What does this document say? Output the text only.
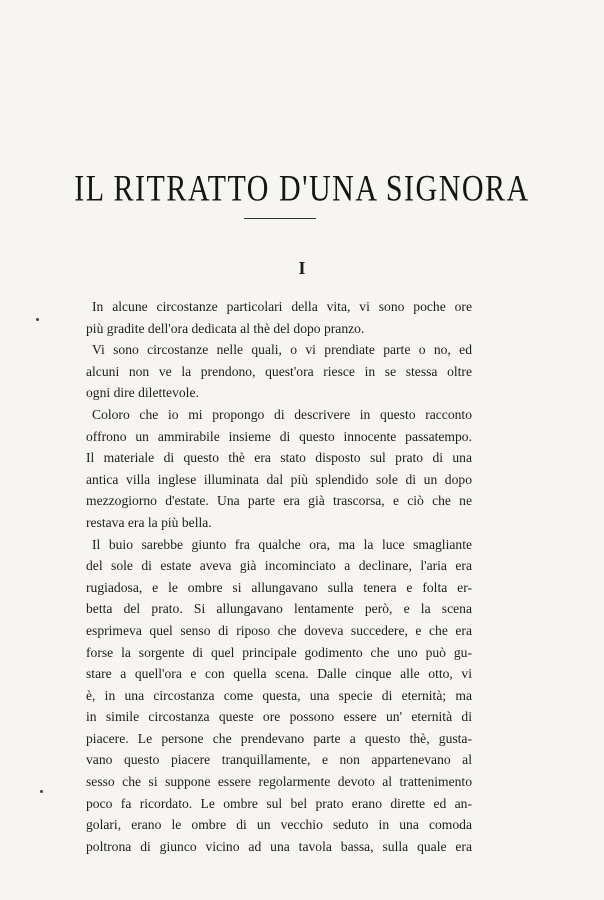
IL RITRATTO D'UNA SIGNORA
I
In alcune circostanze particolari della vita, vi sono poche ore
più gradite dell'ora dedicata al thè del dopo pranzo.
Vi sono circostanze nelle quali, o vi prendiate parte o no, ed
alcuni non ve la prendono, quest'ora riesce in se stessa oltre
ogni dire dilettevole.
Coloro che io mi propongo di descrivere in questo racconto
offrono un ammirabile insieme di questo innocente passatempo.
Il materiale di questo thè era stato disposto sul prato di una
antica villa inglese illuminata dal più splendido sole di un dopo
mezzogiorno d'estate. Una parte era già trascorsa, e ciò che ne
restava era la più bella.
Il buio sarebbe giunto fra qualche ora, ma la luce smagliante
del sole di estate aveva già incominciato a declinare, l'aria era
rugiadosa, e le ombre si allungavano sulla tenera e folta er-
betta del prato. Si allungavano lentamente però, e la scena
esprimeva quel senso di riposo che doveva succedere, e che era
forse la sorgente di quel principale godimento che uno può gu-
stare a quell'ora e con quella scena. Dalle cinque alle otto, vi
è, in una circostanza come questa, una specie di eternità; ma
in simile circostanza queste ore possono essere un' eternità di
piacere. Le persone che prendevano parte a questo thè, gusta-
vano questo piacere tranquillamente, e non appartenevano al
sesso che si suppone essere regolarmente devoto al trattenimento
poco fa ricordato. Le ombre sul bel prato erano dirette ed an-
golari, erano le ombre di un vecchio seduto in una comoda
poltrona di giunco vicino ad una tavola bassa, sulla quale era
